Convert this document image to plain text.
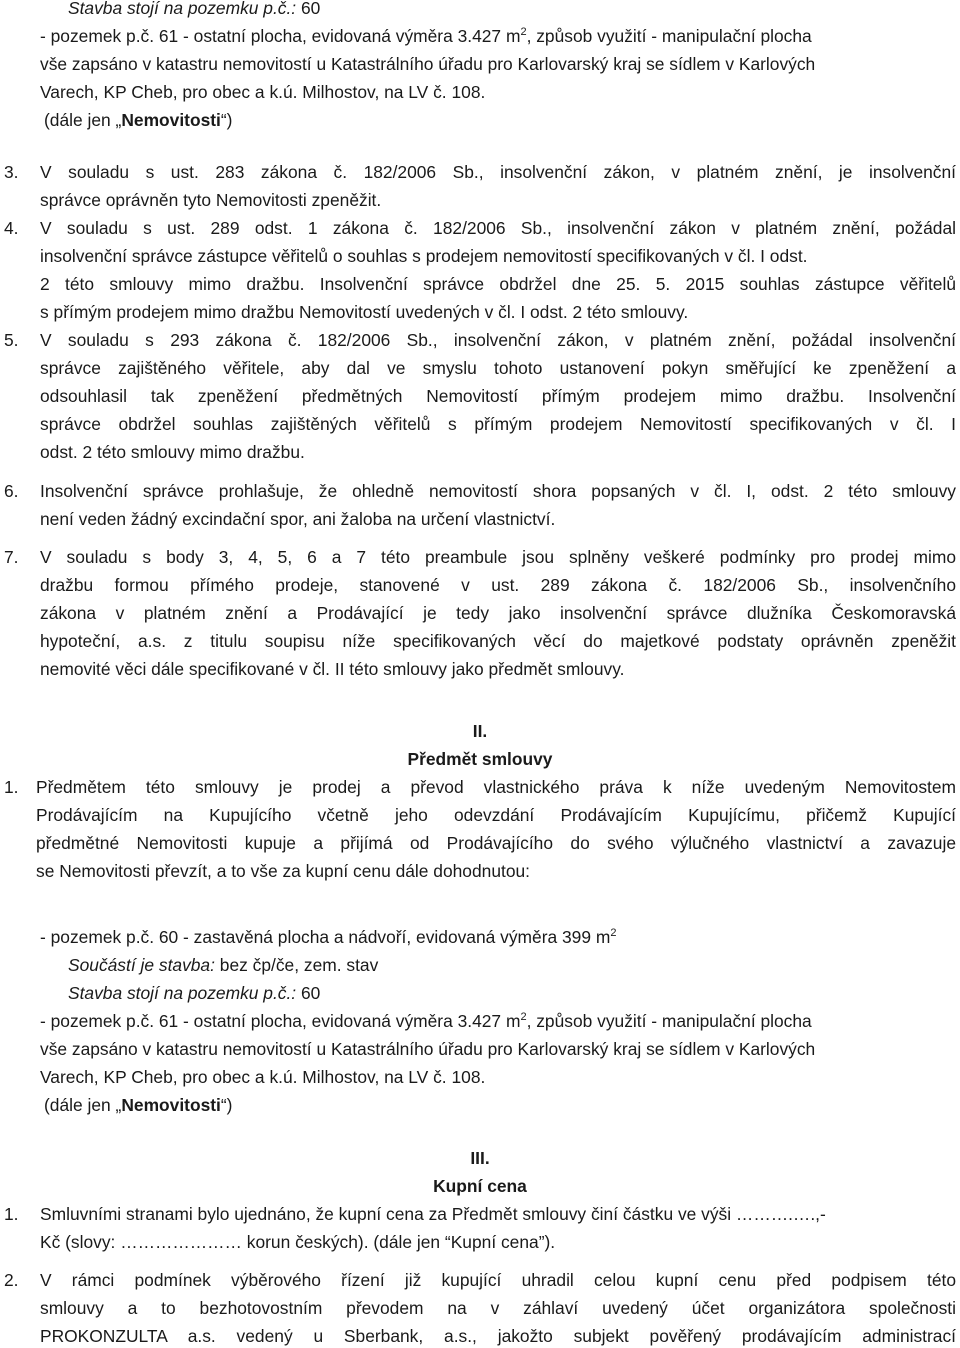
Stavba stojí na pozemku p.č.: 60
- pozemek p.č. 61 - ostatní plocha, evidovaná výměra 3.427 $m^2$, způsob využití - manipulační plocha
vše zapsáno v katastru nemovitostí u Katastrálního úřadu pro Karlovarský kraj se sídlem v Karlových
Varech, KP Cheb, pro obec a k.ú. Milhostov, na LV č. 108.
(dále jen „Nemovitosti“)
3. V souladu s ust. 283 zákona č. 182/2006 Sb., insolvenční zákon, v platném znění, je insolvenční
správce oprávněn tyto Nemovitosti zpeněžit.
4. V souladu s ust. 289 odst. 1 zákona č. 182/2006 Sb., insolvenční zákon v platném znění, požádal
insolvenční správce zástupce věřitelů o souhlas s prodejem nemovitostí specifikovaných v čl. I odst.
2 této smlouvy mimo dražbu. Insolvenční správce obdržel dne 25. 5. 2015 souhlas zástupce věřitelů
s přímým prodejem mimo dražbu Nemovitostí uvedených v čl. I odst. 2 této smlouvy.
5. V souladu s 293 zákona č. 182/2006 Sb., insolvenční zákon, v platném znění, požádal insolvenční
správce zajištěného věřitele, aby dal ve smyslu tohoto ustanovení pokyn směřující ke zpeněžení a
odsouhlasil tak zpeněžení předmětných Nemovitostí přímým prodejem mimo dražbu. Insolvenční
správce obdržel souhlas zajištěných věřitelů s přímým prodejem Nemovitostí specifikovaných v čl. I
odst. 2 této smlouvy mimo dražbu.
6. Insolvenční správce prohlašuje, že ohledně nemovitostí shora popsaných v čl. I, odst. 2 této smlouvy
není veden žádný excindační spor, ani žaloba na určení vlastnictví.
7. V souladu s body 3, 4, 5, 6 a 7 této preambule jsou splněny veškeré podmínky pro prodej mimo
dražbu formou přímého prodeje, stanovené v ust. 289 zákona č. 182/2006 Sb., insolvenčního
zákona v platném znění a Prodávající je tedy jako insolvenční správce dlužníka Českomoravská
hypoteční, a.s. z titulu soupisu níže specifikovaných věcí do majetkové podstaty oprávněn zpeněžit
nemovité věci dále specifikované v čl. II této smlouvy jako předmět smlouvy.
II.
Předmět smlouvy
1. Předmětem této smlouvy je prodej a převod vlastnického práva k níže uvedeným Nemovitostem
Prodávajícím na Kupujícího včetně jeho odevzdání Prodávajícím Kupujícímu, přičemž Kupující
předmětné Nemovitosti kupuje a přijímá od Prodávajícího do svého výlučného vlastnictví a zavazuje
se Nemovitosti převzít, a to vše za kupní cenu dále dohodnutou:
- pozemek p.č. 60 - zastavěná plocha a nádvoří, evidovaná výměra 399 $m^2$
Součástí je stavba: bez čp/če, zem. stav
Stavba stojí na pozemku p.č.: 60
- pozemek p.č. 61 - ostatní plocha, evidovaná výměra 3.427 $m^2$, způsob využití - manipulační plocha
vše zapsáno v katastru nemovitostí u Katastrálního úřadu pro Karlovarský kraj se sídlem v Karlových
Varech, KP Cheb, pro obec a k.ú. Milhostov, na LV č. 108.
(dále jen „Nemovitosti“)
III.
Kupní cena
1. Smluvními stranami bylo ujednáno, že kupní cena za Předmět smlouvy činí částku ve výši ……….….,-
Kč (slovy: ………………… korun českých). (dále jen “Kupní cena”).
2. V rámci podmínek výběrového řízení již kupující uhradil celou kupní cenu před podpisem této
smlouvy a to bezhotovostním převodem na v záhlaví uvedený účet organizátora společnosti
PROKONZULTA a.s. vedený u Sberbank, a.s., jakožto subjekt pověřený prodávajícím administrací
